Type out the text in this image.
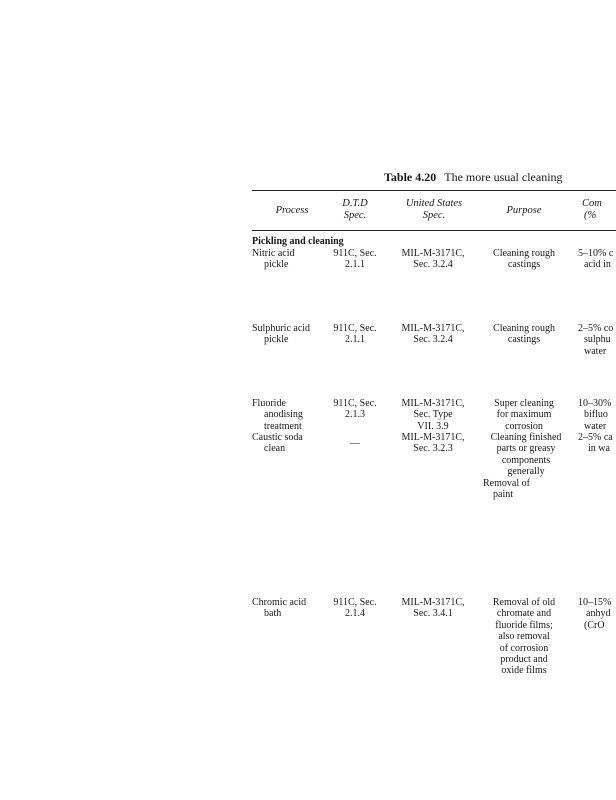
Table 4.20 The more usual cleaning
Process
D.T.D
Spec.
United States
Spec.	Purpose
Com
(%
Pickling and cleaning
Nitric acid
pickle
911C, Sec.
2.1.1
MIL-M-3171C,
Sec. 3.2.4
Cleaning rough
castings
5–10% c
acid in
Sulphuric acid
pickle
911C, Sec.
2.1.1
MIL-M-3171C,
Sec. 3.2.4
Cleaning rough
castings
2–5% co
sulphu
water
Fluoride
anodising
treatment
911C, Sec.
2.1.3
MIL-M-3171C,
Sec. Type
VII. 3.9
Super cleaning
for maximum
corrosion
10–30%
bifluo
water
Caustic soda
clean	—
MIL-M-3171C,
Sec. 3.2.3
Cleaning finished
parts or greasy
components
generally
Removal of
paint
2–5% ca
in wa
Chromic acid
bath
911C, Sec.
2.1.4
MIL-M-3171C,
Sec. 3.4.1
Removal of old
chromate and
fluoride films;
also removal
of corrosion
product and
oxide films
10–15%
anhyd
(CrO
